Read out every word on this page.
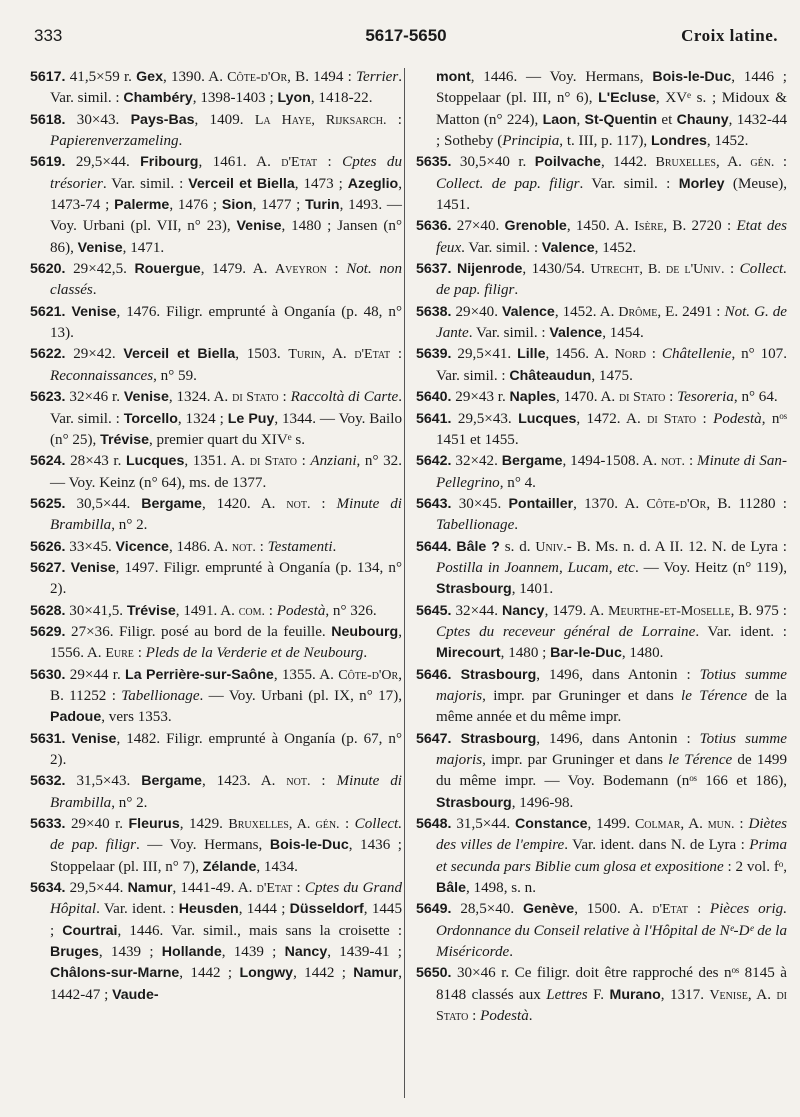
333	5617-5650	Croix latine.

5617. 41,5×59 r. Gex, 1390. A. Côte-d'Or, B. 1494 : Terrier. Var. simil. : Chambéry, 1398-1403 ; Lyon, 1418-22.

5618. 30×43. Pays-Bas, 1409. La Haye, Rijksarch. : Papierenverzameling.

5619. 29,5×44. Fribourg, 1461. A. d'Etat : Cptes du trésorier. Var. simil. : Verceil et Biella, 1473 ; Azeglio, 1473-74 ; Palerme, 1476 ; Sion, 1477 ; Turin, 1493. — Voy. Urbani (pl. VII, n° 23), Venise, 1480 ; Jansen (n° 86), Venise, 1471.

5620. 29×42,5. Rouergue, 1479. A. Aveyron : Not. non classés.

5621. Venise, 1476. Filigr. emprunté à Onganía (p. 48, n° 13).

5622. 29×42. Verceil et Biella, 1503. Turin, A. d'Etat : Reconnaissances, n° 59.

5623. 32×46 r. Venise, 1324. A. di Stato : Raccoltà di Carte. Var. simil. : Torcello, 1324 ; Le Puy, 1344. — Voy. Bailo (n° 25), Trévise, premier quart du XIVᵉ s.

5624. 28×43 r. Lucques, 1351. A. di Stato : Anziani, n° 32. — Voy. Keinz (n° 64), ms. de 1377.

5625. 30,5×44. Bergame, 1420. A. not. : Minute di Brambilla, n° 2.

5626. 33×45. Vicence, 1486. A. not. : Testamenti.

5627. Venise, 1497. Filigr. emprunté à Onganía (p. 134, n° 2).

5628. 30×41,5. Trévise, 1491. A. com. : Podestà, n° 326.

5629. 27×36. Filigr. posé au bord de la feuille. Neubourg, 1556. A. Eure : Pleds de la Verderie et de Neubourg.

5630. 29×44 r. La Perrière-sur-Saône, 1355. A. Côte-d'Or, B. 11252 : Tabellionage. — Voy. Urbani (pl. IX, n° 17), Padoue, vers 1353.

5631. Venise, 1482. Filigr. emprunté à Onganía (p. 67, n° 2).

5632. 31,5×43. Bergame, 1423. A. not. : Minute di Brambilla, n° 2.

5633. 29×40 r. Fleurus, 1429. Bruxelles, A. gén. : Collect. de pap. filigr. — Voy. Hermans, Bois-le-Duc, 1436 ; Stoppelaar (pl. III, n° 7), Zélande, 1434.

5634. 29,5×44. Namur, 1441-49. A. d'Etat : Cptes du Grand Hôpital. Var. ident. : Heusden, 1444 ; Düsseldorf, 1445 ; Courtrai, 1446. Var. simil., mais sans la croisette : Bruges, 1439 ; Hollande, 1439 ; Nancy, 1439-41 ; Châlons-sur-Marne, 1442 ; Longwy, 1442 ; Namur, 1442-47 ; Vaude-

mont, 1446. — Voy. Hermans, Bois-le-Duc, 1446 ; Stoppelaar (pl. III, n° 6), L'Ecluse, XVᵉ s. ; Midoux & Matton (n° 224), Laon, St-Quentin et Chauny, 1432-44 ; Sotheby (Principia, t. III, p. 117), Londres, 1452.

5635. 30,5×40 r. Poilvache, 1442. Bruxelles, A. gén. : Collect. de pap. filigr. Var. simil. : Morley (Meuse), 1451.

5636. 27×40. Grenoble, 1450. A. Isère, B. 2720 : Etat des feux. Var. simil. : Valence, 1452.

5637. Nijenrode, 1430/54. Utrecht, B. de l'Univ. : Collect. de pap. filigr.

5638. 29×40. Valence, 1452. A. Drôme, E. 2491 : Not. G. de Jante. Var. simil. : Valence, 1454.

5639. 29,5×41. Lille, 1456. A. Nord : Châtellenie, n° 107. Var. simil. : Châteaudun, 1475.

5640. 29×43 r. Naples, 1470. A. di Stato : Tesoreria, n° 64.

5641. 29,5×43. Lucques, 1472. A. di Stato : Podestà, nᵒˢ 1451 et 1455.

5642. 32×42. Bergame, 1494-1508. A. not. : Minute di San-Pellegrino, n° 4.

5643. 30×45. Pontailler, 1370. A. Côte-d'Or, B. 11280 : Tabellionage.

5644. Bâle ? s. d. Univ.- B. Ms. n. d. A II. 12. N. de Lyra : Postilla in Joannem, Lucam, etc. — Voy. Heitz (n° 119), Strasbourg, 1401.

5645. 32×44. Nancy, 1479. A. Meurthe-et-Moselle, B. 975 : Cptes du receveur général de Lorraine. Var. ident. : Mirecourt, 1480 ; Bar-le-Duc, 1480.

5646. Strasbourg, 1496, dans Antonin : Totius summe majoris, impr. par Gruninger et dans le Térence de la même année et du même impr.

5647. Strasbourg, 1496, dans Antonin : Totius summe majoris, impr. par Gruninger et dans le Térence de 1499 du même impr. — Voy. Bodemann (nᵒˢ 166 et 186), Strasbourg, 1496-98.

5648. 31,5×44. Constance, 1499. Colmar, A. mun. : Diètes des villes de l'empire. Var. ident. dans N. de Lyra : Prima et secunda pars Biblie cum glosa et expositione : 2 vol. fᵒ, Bâle, 1498, s. n.

5649. 28,5×40. Genève, 1500. A. d'Etat : Pièces orig. Ordonnance du Conseil relative à l'Hôpital de Nᵉ-Dᵉ de la Miséricorde.

5650. 30×46 r. Ce filigr. doit être rapproché des nᵒˢ 8145 à 8148 classés aux Lettres F. Murano, 1317. Venise, A. di Stato : Podestà.
